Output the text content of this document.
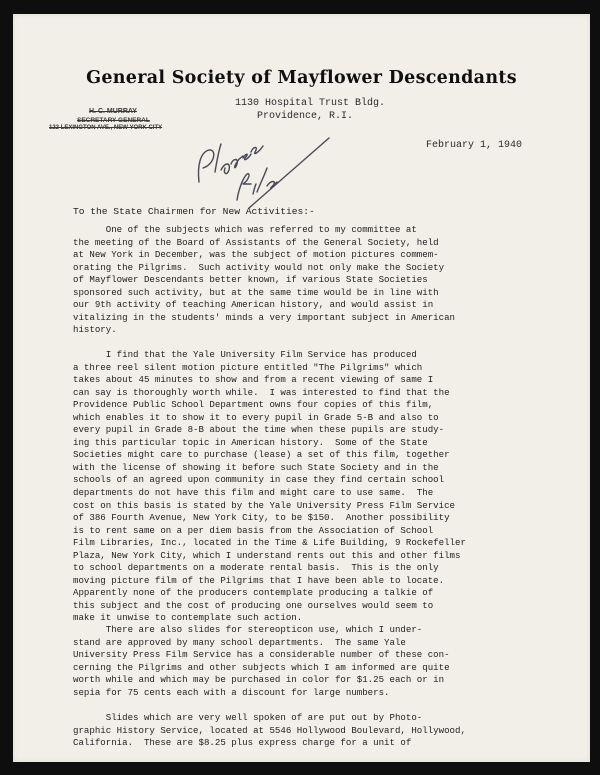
General Society of Mayflower Descendants
1130 Hospital Trust Bldg.
Providence, R.I.
H. C. MURRAY
SECRETARY GENERAL
122 LEXINGTON AVE., NEW YORK CITY
February 1, 1940
To the State Chairmen for New Activities:-
One of the subjects which was referred to my committee at
the meeting of the Board of Assistants of the General Society, held
at New York in December, was the subject of motion pictures commem-
orating the Pilgrims.  Such activity would not only make the Society
of Mayflower Descendants better known, if various State Societies
sponsored such activity, but at the same time would be in line with
our 9th activity of teaching American history, and would assist in
vitalizing in the students' minds a very important subject in American
history.
I find that the Yale University Film Service has produced
a three reel silent motion picture entitled "The Pilgrims" which
takes about 45 minutes to show and from a recent viewing of same I
can say is thoroughly worth while.  I was interested to find that the
Providence Public School Department owns four copies of this film,
which enables it to show it to every pupil in Grade 5-B and also to
every pupil in Grade 8-B about the time when these pupils are study-
ing this particular topic in American history.  Some of the State
Societies might care to purchase (lease) a set of this film, together
with the license of showing it before such State Society and in the
schools of an agreed upon community in case they find certain school
departments do not have this film and might care to use same.  The
cost on this basis is stated by the Yale University Press Film Service
of 386 Fourth Avenue, New York City, to be $150.  Another possibility
is to rent same on a per diem basis from the Association of School
Film Libraries, Inc., located in the Time & Life Building, 9 Rockefeller
Plaza, New York City, which I understand rents out this and other films
to school departments on a moderate rental basis.  This is the only
moving picture film of the Pilgrims that I have been able to locate.
Apparently none of the producers contemplate producing a talkie of
this subject and the cost of producing one ourselves would seem to
make it unwise to contemplate such action.
There are also slides for stereopticon use, which I under-
stand are approved by many school departments.  The same Yale
University Press Film Service has a considerable number of these con-
cerning the Pilgrims and other subjects which I am informed are quite
worth while and which may be purchased in color for $1.25 each or in
sepia for 75 cents each with a discount for large numbers.
Slides which are very well spoken of are put out by Photo-
graphic History Service, located at 5546 Hollywood Boulevard, Hollywood,
California.  These are $8.25 plus express charge for a unit of
